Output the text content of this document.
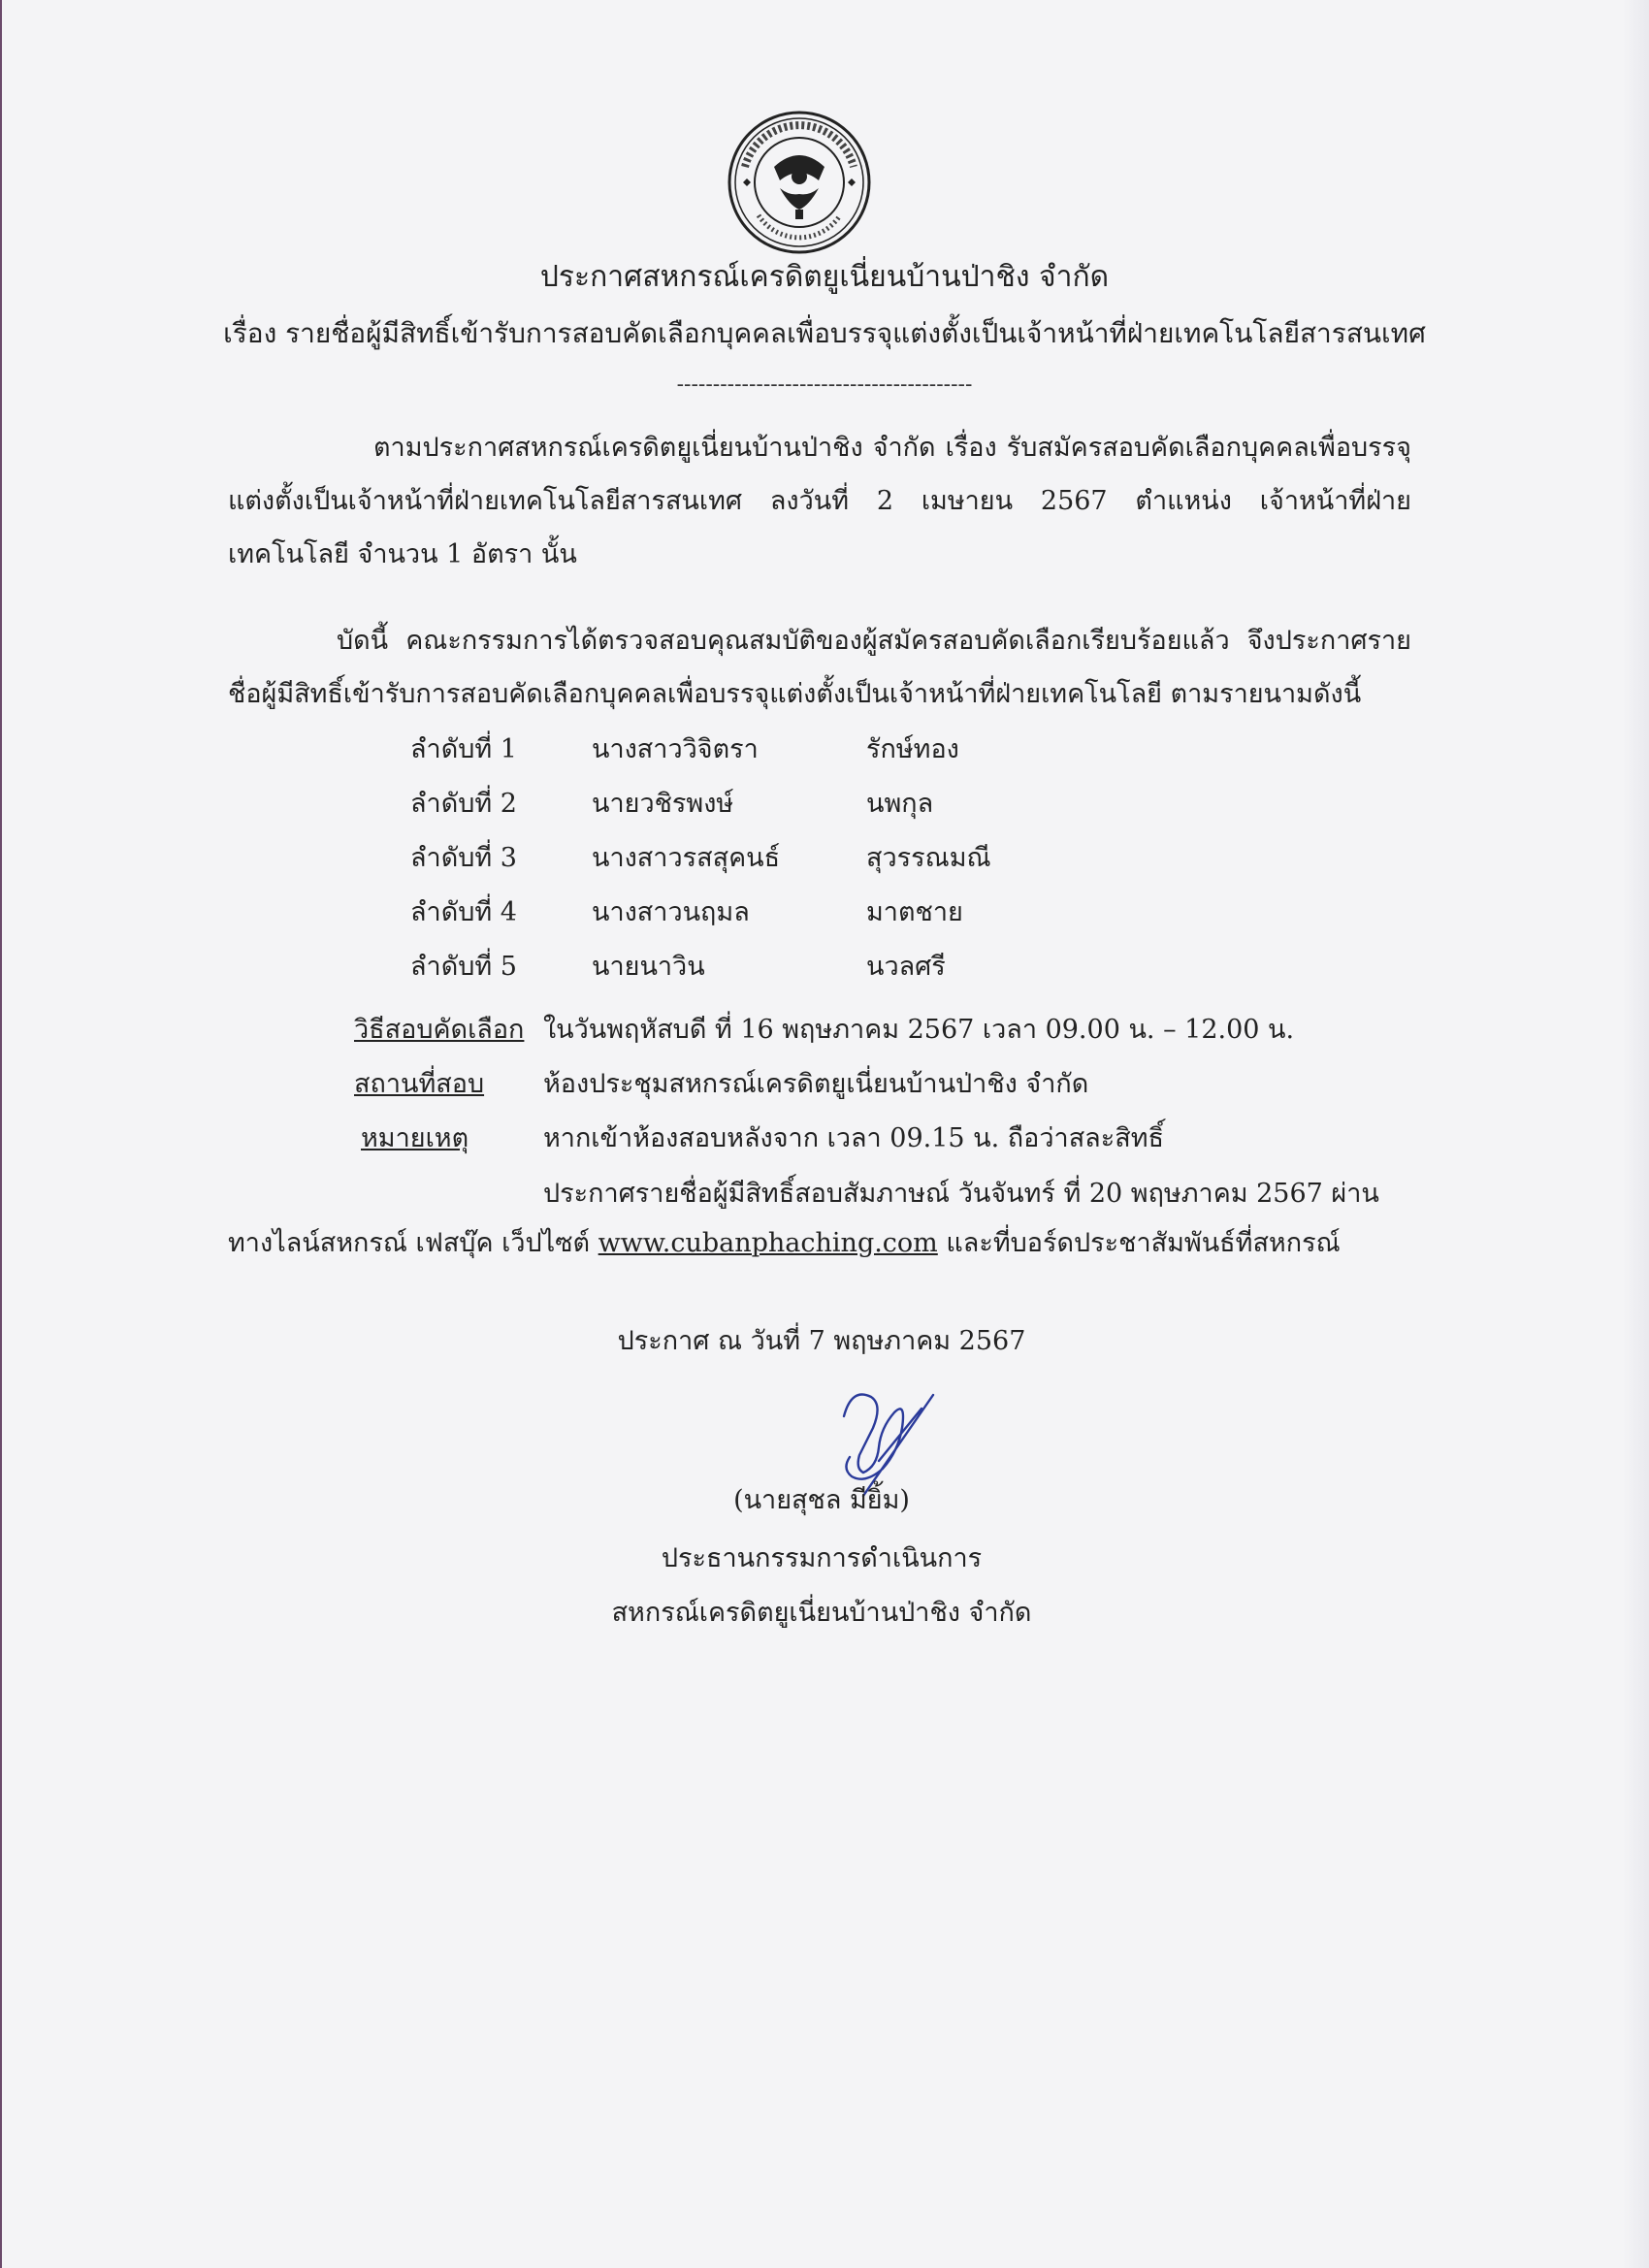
ประกาศสหกรณ์เครดิตยูเนี่ยนบ้านป่าชิง จำกัด
เรื่อง รายชื่อผู้มีสิทธิ์เข้ารับการสอบคัดเลือกบุคคลเพื่อบรรจุแต่งตั้งเป็นเจ้าหน้าที่ฝ่ายเทคโนโลยีสารสนเทศ
-----------------------------------------
ตามประกาศสหกรณ์เครดิตยูเนี่ยนบ้านป่าชิง จำกัด เรื่อง รับสมัครสอบคัดเลือกบุคคลเพื่อบรรจุแต่งตั้งเป็นเจ้าหน้าที่ฝ่ายเทคโนโลยีสารสนเทศ ลงวันที่ 2 เมษายน 2567 ตำแหน่ง เจ้าหน้าที่ฝ่ายเทคโนโลยี จำนวน 1 อัตรา นั้น
บัดนี้ คณะกรรมการได้ตรวจสอบคุณสมบัติของผู้สมัครสอบคัดเลือกเรียบร้อยแล้ว จึงประกาศรายชื่อผู้มีสิทธิ์เข้ารับการสอบคัดเลือกบุคคลเพื่อบรรจุแต่งตั้งเป็นเจ้าหน้าที่ฝ่ายเทคโนโลยี ตามรายนามดังนี้
ลำดับที่ 1	นางสาววิจิตรา	รักษ์ทอง
ลำดับที่ 2	นายวชิรพงษ์	นพกุล
ลำดับที่ 3	นางสาวรสสุคนธ์	สุวรรณมณี
ลำดับที่ 4	นางสาวนฤมล	มาตชาย
ลำดับที่ 5	นายนาวิน	นวลศรี
วิธีสอบคัดเลือก ในวันพฤหัสบดี ที่ 16 พฤษภาคม 2567 เวลา 09.00 น. – 12.00 น.
สถานที่สอบ ห้องประชุมสหกรณ์เครดิตยูเนี่ยนบ้านป่าชิง จำกัด
หมายเหตุ	หากเข้าห้องสอบหลังจาก เวลา 09.15 น. ถือว่าสละสิทธิ์
ประกาศรายชื่อผู้มีสิทธิ์สอบสัมภาษณ์ วันจันทร์ ที่ 20 พฤษภาคม 2567 ผ่าน
ทางไลน์สหกรณ์ เฟสบุ๊ค เว็ปไซต์ www.cubanphaching.com และที่บอร์ดประชาสัมพันธ์ที่สหกรณ์
ประกาศ ณ วันที่ 7 พฤษภาคม 2567
(นายสุชล มียิ้ม)
ประธานกรรมการดำเนินการ
สหกรณ์เครดิตยูเนี่ยนบ้านป่าชิง จำกัด
